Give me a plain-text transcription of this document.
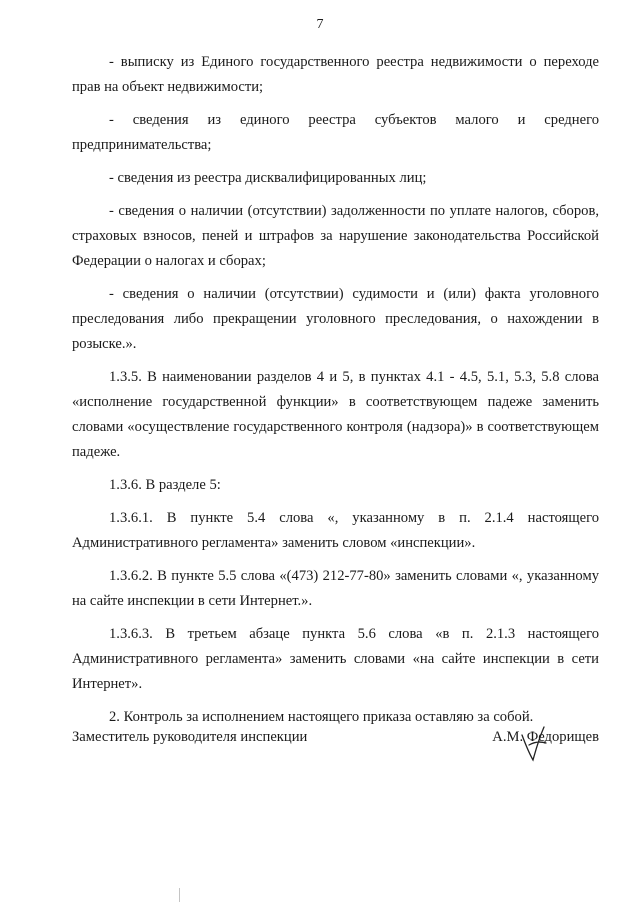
7

- выписку из Единого государственного реестра недвижимости о переходе прав на объект недвижимости;

- сведения из единого реестра субъектов малого и среднего предпринимательства;

- сведения из реестра дисквалифицированных лиц;

- сведения о наличии (отсутствии) задолженности по уплате налогов, сборов, страховых взносов, пеней и штрафов за нарушение законодательства Российской Федерации о налогах и сборах;

- сведения о наличии (отсутствии) судимости и (или) факта уголовного преследования либо прекращении уголовного преследования, о нахождении в розыске.».

1.3.5. В наименовании разделов 4 и 5, в пунктах 4.1 - 4.5, 5.1, 5.3, 5.8 слова «исполнение государственной функции» в соответствующем падеже заменить словами «осуществление государственного контроля (надзора)» в соответствующем падеже.

1.3.6. В разделе 5:

1.3.6.1. В пункте 5.4 слова «, указанному в п. 2.1.4 настоящего Административного регламента» заменить словом «инспекции».

1.3.6.2. В пункте 5.5 слова «(473) 212-77-80» заменить словами «, указанному на сайте инспекции в сети Интернет.».

1.3.6.3. В третьем абзаце пункта 5.6 слова «в п. 2.1.3 настоящего Административного регламента» заменить словами «на сайте инспекции в сети Интернет».

2. Контроль за исполнением настоящего приказа оставляю за собой.

Заместитель руководителя инспекции	А.М. Федорищев
